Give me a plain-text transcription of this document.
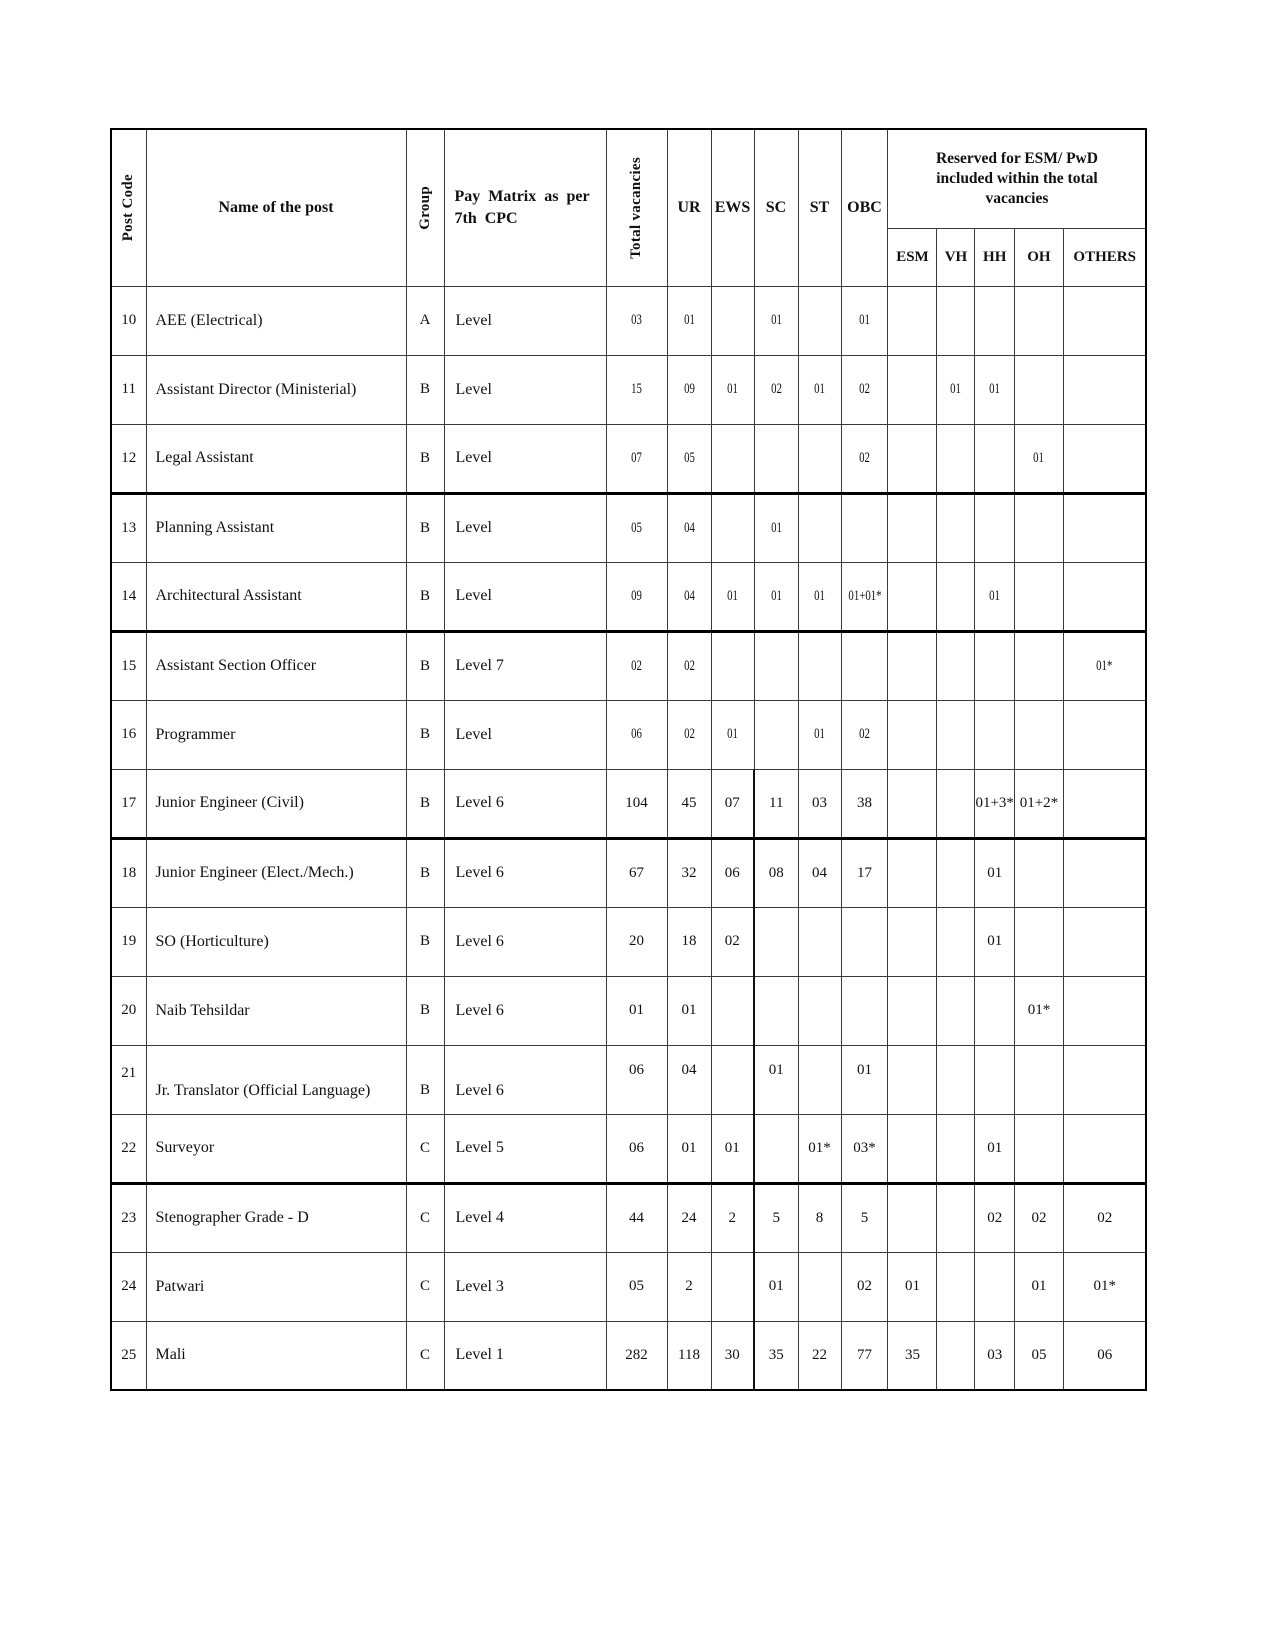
Post Code	Name of the post	Group	Pay Matrix as per 7th CPC	Total vacancies	UR	EWS	SC	ST	OBC	Reserved for ESM/ PwD included within the total vacancies				

										ESM	VH	HH	OH	OTHERS
10	AEE (Electrical)	A	Level	03	01		01		01					
11	Assistant Director (Ministerial)	B	Level	15	09	01	02	01	02		01	01		
12	Legal Assistant	B	Level	07	05				02				01	
13	Planning Assistant	B	Level	05	04		01							
14	Architectural Assistant	B	Level	09	04	01	01	01	01+01*			01		
15	Assistant Section Officer	B	Level 7	02	02									01*
16	Programmer	B	Level	06	02	01		01	02					
17	Junior Engineer (Civil)	B	Level 6	104	45	07	11	03	38			01+3*	01+2*	
18	Junior Engineer (Elect./Mech.)	B	Level 6	67	32	06	08	04	17			01		
19	SO (Horticulture)	B	Level 6	20	18	02						01		
20	Naib Tehsildar	B	Level 6	01	01								01*	
21	Jr. Translator (Official Language)	B	Level 6	06	04		01		01					
22	Surveyor	C	Level 5	06	01	01		01*	03*			01		
23	Stenographer Grade - D	C	Level 4	44	24	2	5	8	5			02	02	02
24	Patwari	C	Level 3	05	2		01		02	01			01	01*
25	Mali	C	Level 1	282	118	30	35	22	77	35		03	05	06
